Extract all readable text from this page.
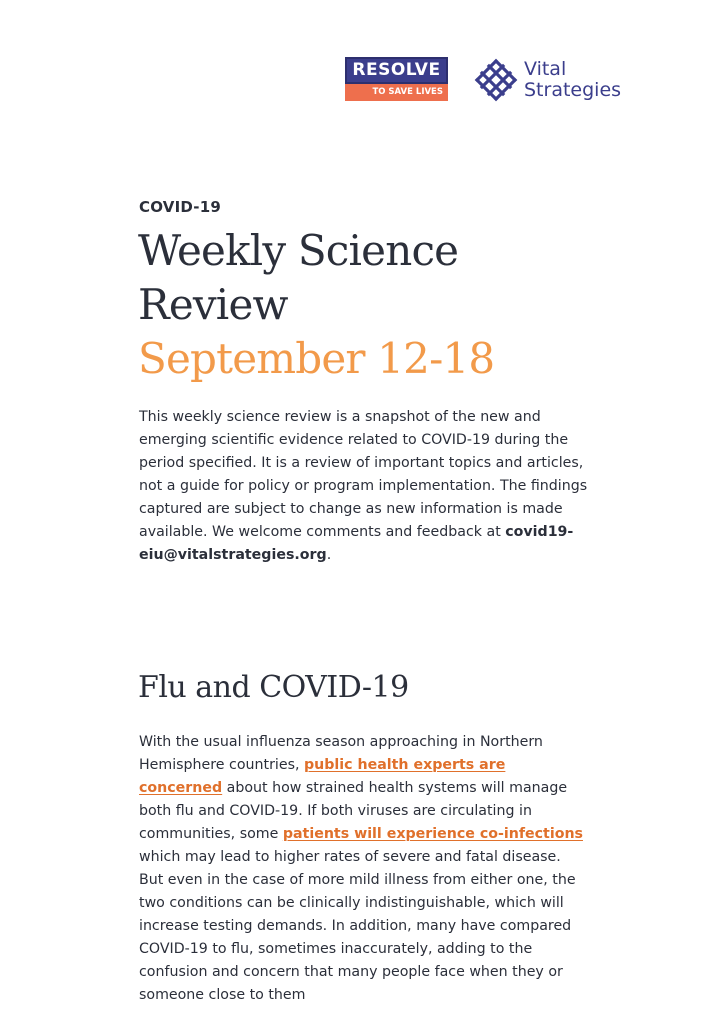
RESOLVE
TO SAVE LIVES
Vital
Strategies
COVID-19
Weekly Science Review
September 12-18

This weekly science review is a snapshot of the new and emerging scientific evidence related to COVID-19 during the period specified. It is a review of important topics and articles, not a guide for policy or program implementation. The findings captured are subject to change as new information is made available. We welcome comments and feedback at covid19-eiu@vitalstrategies.org.

Flu and COVID-19

With the usual influenza season approaching in Northern Hemisphere countries, public health experts are concerned about how strained health systems will manage both flu and COVID-19. If both viruses are circulating in communities, some patients will experience co-infections which may lead to higher rates of severe and fatal disease. But even in the case of more mild illness from either one, the two conditions can be clinically indistinguishable, which will increase testing demands. In addition, many have compared COVID-19 to flu, sometimes inaccurately, adding to the confusion and concern that many people face when they or someone close to them
